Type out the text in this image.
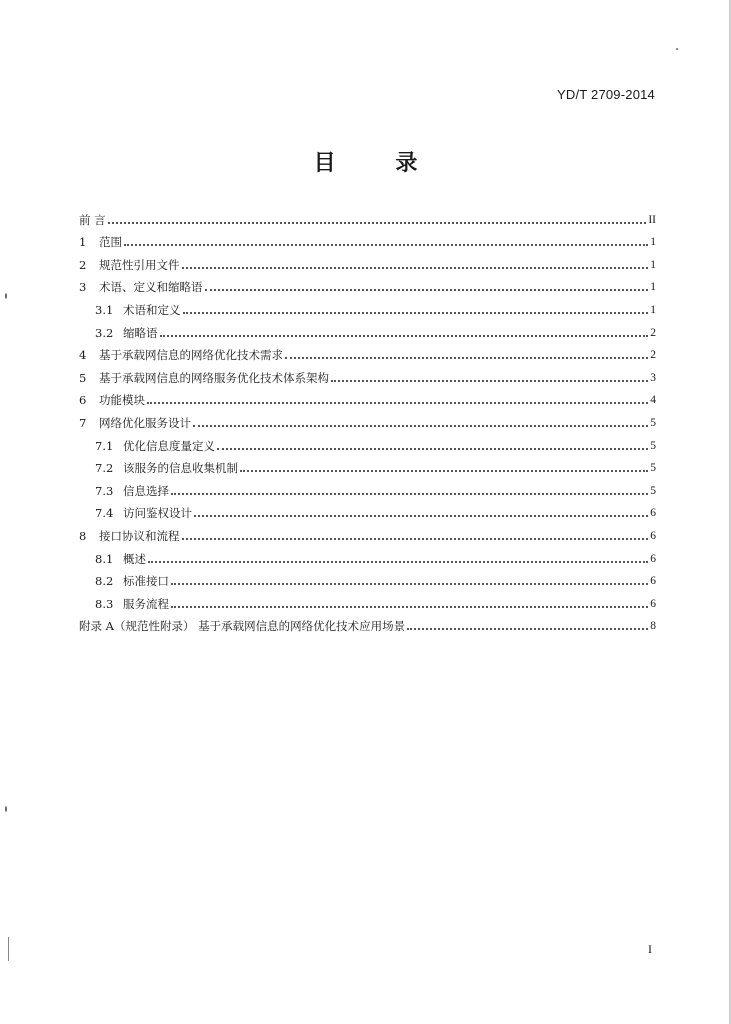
YD/T 2709-2014
目 录
前 言	II
1	范围	1
2	规范性引用文件	1
3	术语、定义和缩略语	1
3.1 术语和定义	1
3.2 缩略语	2
4	基于承载网信息的网络优化技术需求	2
5	基于承载网信息的网络服务优化技术体系架构	3
6	功能模块	4
7	网络优化服务设计	5
7.1 优化信息度量定义	5
7.2 该服务的信息收集机制	5
7.3 信息选择	5
7.4 访问鉴权设计	6
8	接口协议和流程	6
8.1 概述	6
8.2 标准接口	6
8.3 服务流程	6
附录 A（规范性附录） 基于承载网信息的网络优化技术应用场景	8
I
